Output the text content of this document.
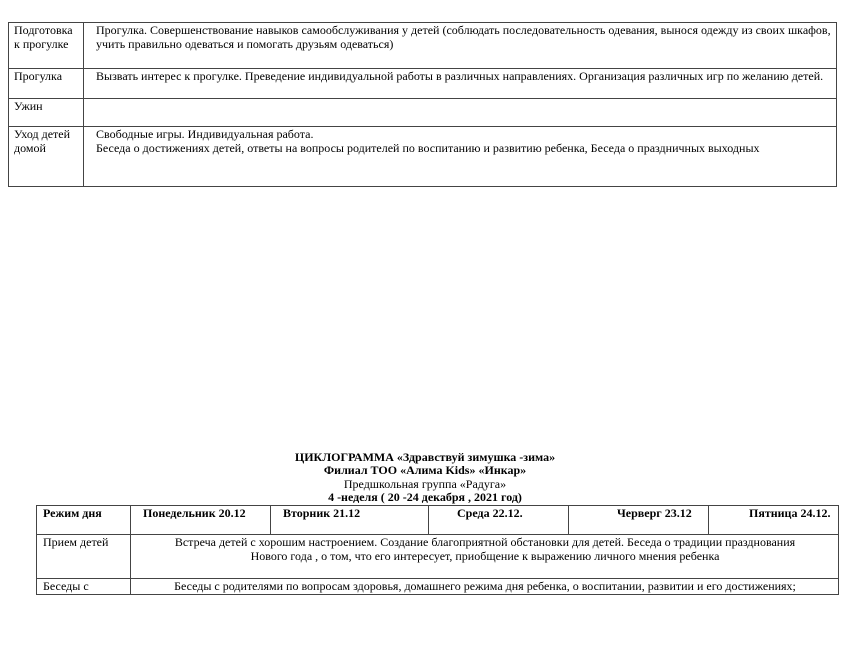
Подготовка к прогулке	Прогулка. Совершенствование навыков самообслуживания у детей (соблюдать последовательность одевания, вынося одежду из своих шкафов, учить правильно одеваться и помогать друзьям одеваться)
Прогулка	Вызвать интерес к прогулке. Преведение индивидуальной работы в различных направлениях. Организация различных игр по желанию детей.
Ужин	
Уход детей домой	Свободные игры. Индивидуальная работа.
Беседа о достижениях детей, ответы на вопросы родителей по воспитанию и развитию ребенка, Беседа о праздничных выходных
ЦИКЛОГРАММА «Здравствуй зимушка -зима»
Филиал ТОО «Алима Kids» «Инкар»
Предшкольная группа «Радуга»
4 -неделя ( 20 -24 декабря , 2021 год)
Режим дня	Понедельник 20.12	Вторник 21.12	Среда 22.12.	Черверг 23.12	Пятница 24.12.
Прием детей	Встреча детей с хорошим настроением. Создание благоприятной обстановки для детей. Беседа о традиции празднования
Нового года , о том, что его интересует, приобщение к выражению личного мнения ребенка				

Беседы с	Беседы с родителями по вопросам здоровья, домашнего режима дня ребенка, о воспитании, развитии и его достижениях;				
